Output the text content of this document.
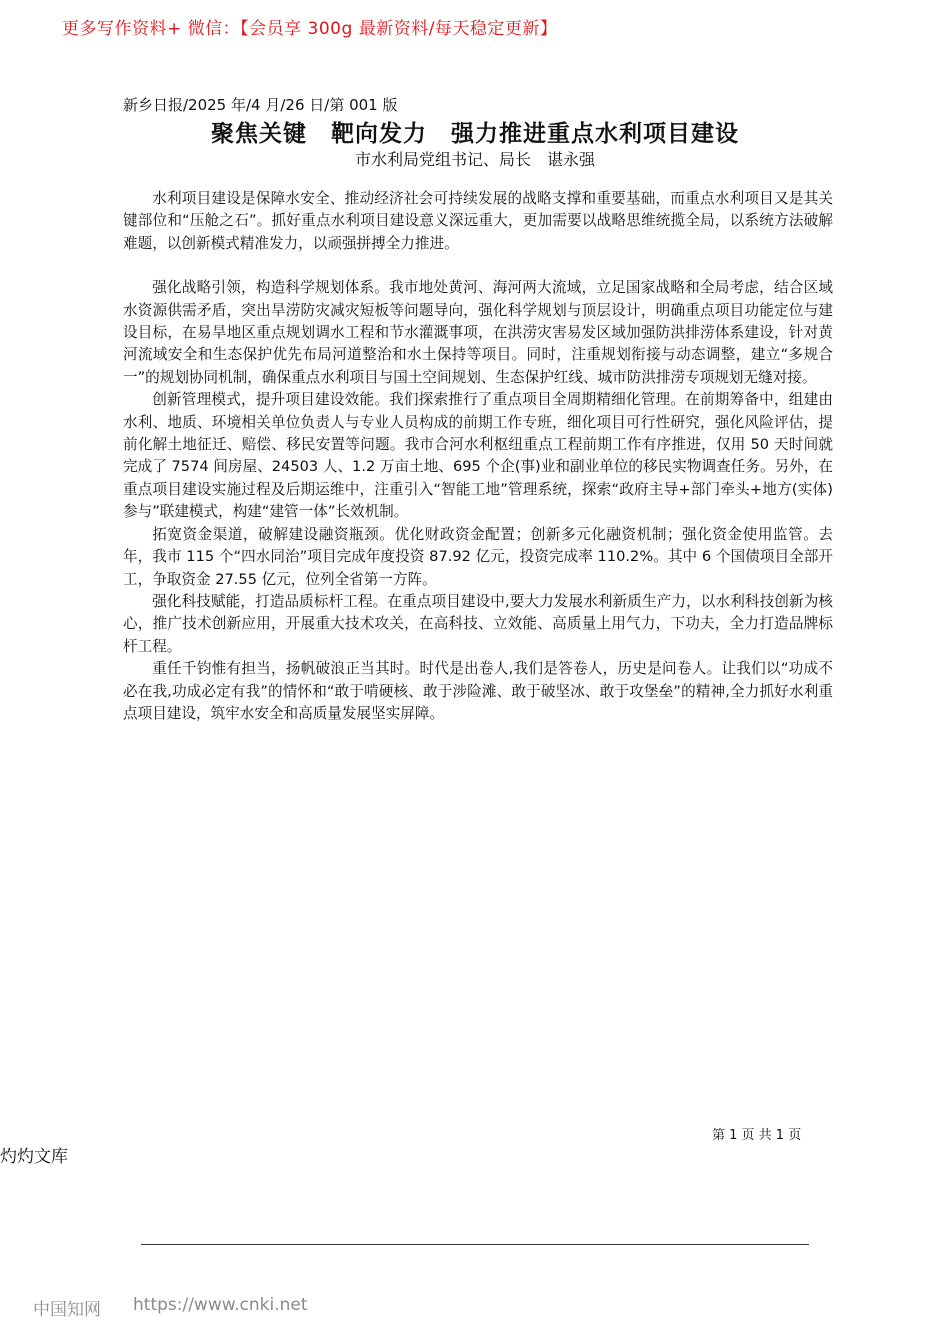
更多写作资料+ 微信：【会员享 300g 最新资料/每天稳定更新】
新乡日报/2025 年/4 月/26 日/第 001 版
聚焦关键　靶向发力　强力推进重点水利项目建设
市水利局党组书记、局长　谌永强

水利项目建设是保障水安全、推动经济社会可持续发展的战略支撑和重要基础，而重点水利项目又是其关键部位和“压舱之石”。抓好重点水利项目建设意义深远重大，更加需要以战略思维统揽全局，以系统方法破解难题，以创新模式精准发力，以顽强拼搏全力推进。

强化战略引领，构造科学规划体系。我市地处黄河、海河两大流域，立足国家战略和全局考虑，结合区域水资源供需矛盾，突出旱涝防灾减灾短板等问题导向，强化科学规划与顶层设计，明确重点项目功能定位与建设目标，在易旱地区重点规划调水工程和节水灌溉事项，在洪涝灾害易发区域加强防洪排涝体系建设，针对黄河流域安全和生态保护优先布局河道整治和水土保持等项目。同时，注重规划衔接与动态调整，建立“多规合一”的规划协同机制，确保重点水利项目与国土空间规划、生态保护红线、城市防洪排涝专项规划无缝对接。

创新管理模式，提升项目建设效能。我们探索推行了重点项目全周期精细化管理。在前期筹备中，组建由水利、地质、环境相关单位负责人与专业人员构成的前期工作专班，细化项目可行性研究，强化风险评估，提前化解土地征迁、赔偿、移民安置等问题。我市合河水利枢纽重点工程前期工作有序推进，仅用 50 天时间就完成了 7574 间房屋、24503 人、1.2 万亩土地、695 个企(事)业和副业单位的移民实物调查任务。另外，在重点项目建设实施过程及后期运维中，注重引入“智能工地”管理系统，探索“政府主导+部门牵头+地方(实体)参与”联建模式，构建“建管一体”长效机制。

拓宽资金渠道，破解建设融资瓶颈。优化财政资金配置；创新多元化融资机制；强化资金使用监管。去年，我市 115 个“四水同治”项目完成年度投资 87.92 亿元，投资完成率 110.2%。其中 6 个国债项目全部开工，争取资金 27.55 亿元，位列全省第一方阵。

强化科技赋能，打造品质标杆工程。在重点项目建设中,要大力发展水利新质生产力，以水利科技创新为核心，推广技术创新应用，开展重大技术攻关，在高科技、立效能、高质量上用气力，下功夫，全力打造品牌标杆工程。

重任千钧惟有担当，扬帆破浪正当其时。时代是出卷人,我们是答卷人，历史是问卷人。让我们以“功成不必在我,功成必定有我”的情怀和“敢于啃硬核、敢于涉险滩、敢于破坚冰、敢于攻堡垒”的精神,全力抓好水利重点项目建设，筑牢水安全和高质量发展坚实屏障。

第 1 页 共 1 页
灼灼文库
中国知网 https://www.cnki.net
